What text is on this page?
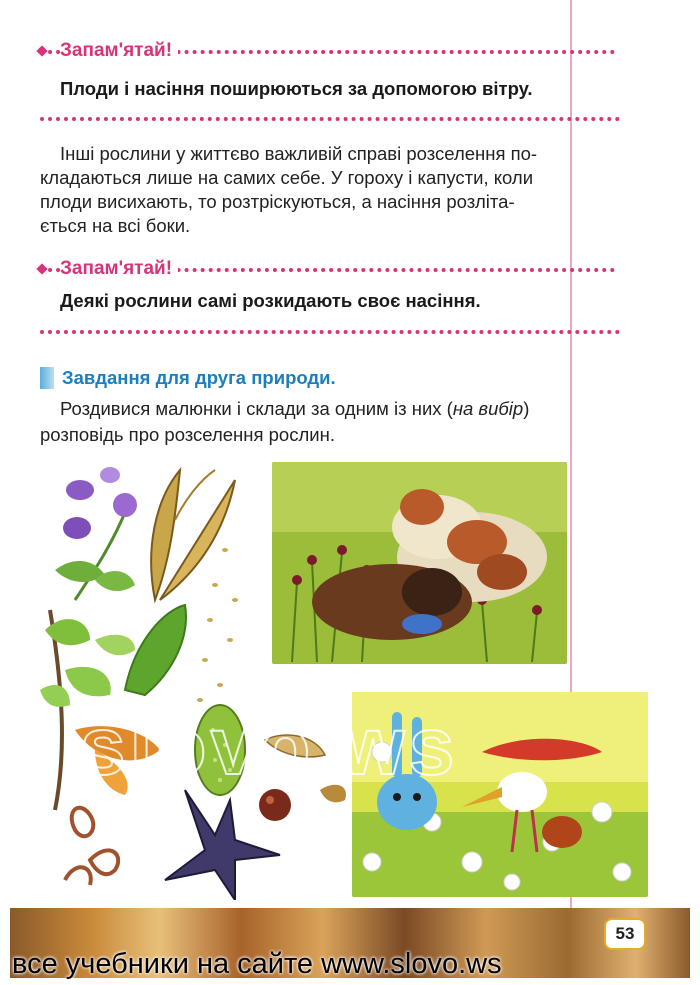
Запам'ятай!
Плоди і насіння поширюються за допомогою вітру.
Інші рослини у життєво важливій справі розселення по-
кладаються лише на самих себе. У гороху і капусти, коли
плоди висихають, то розтріскуються, а насіння розліта-
ється на всі боки.
Запам'ятай!
Деякі рослини самі розкидають своє насіння.
Завдання для друга природи.
Роздивися малюнки і склади за одним із них (на вибір)
розповідь про розселення рослин.
slovo.ws
53
все учебники на сайте www.slovo.ws
